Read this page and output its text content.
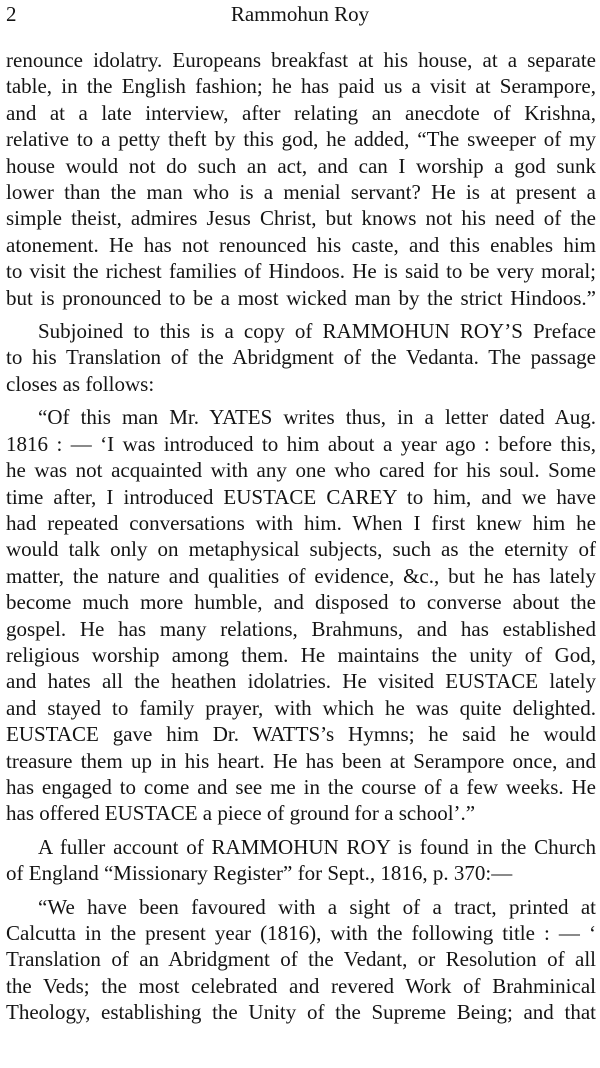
2	Rammohun Roy

renounce idolatry. Europeans breakfast at his house, at a separate
table, in the English fashion; he has paid us a visit at Serampore,
and at a late interview, after relating an anecdote of Krishna,
relative to a petty theft by this god, he added, “The sweeper of my
house would not do such an act, and can I worship a god sunk
lower than the man who is a menial servant? He is at present a
simple theist, admires Jesus Christ, but knows not his need of the
atonement. He has not renounced his caste, and this enables him
to visit the richest families of Hindoos. He is said to be very moral;
but is pronounced to be a most wicked man by the strict Hindoos.”

Subjoined to this is a copy of RAMMOHUN ROY’S Preface
to his Translation of the Abridgment of the Vedanta. The passage
closes as follows:

“Of this man Mr. YATES writes thus, in a letter dated Aug.
1816 : — ‘I was introduced to him about a year ago : before this,
he was not acquainted with any one who cared for his soul. Some
time after, I introduced EUSTACE CAREY to him, and we have
had repeated conversations with him. When I first knew him he
would talk only on metaphysical subjects, such as the eternity of
matter, the nature and qualities of evidence, &c., but he has lately
become much more humble, and disposed to converse about the
gospel. He has many relations, Brahmuns, and has established
religious worship among them. He maintains the unity of God,
and hates all the heathen idolatries. He visited EUSTACE lately
and stayed to family prayer, with which he was quite delighted.
EUSTACE gave him Dr. WATTS’s Hymns; he said he would
treasure them up in his heart. He has been at Serampore once, and
has engaged to come and see me in the course of a few weeks. He
has offered EUSTACE a piece of ground for a school’.”

A fuller account of RAMMOHUN ROY is found in the Church
of England “Missionary Register” for Sept., 1816, p. 370:—

“We have been favoured with a sight of a tract, printed at
Calcutta in the present year (1816), with the following title : — ‘
Translation of an Abridgment of the Vedant, or Resolution of all
the Veds; the most celebrated and revered Work of Brahminical
Theology, establishing the Unity of the Supreme Being; and that
